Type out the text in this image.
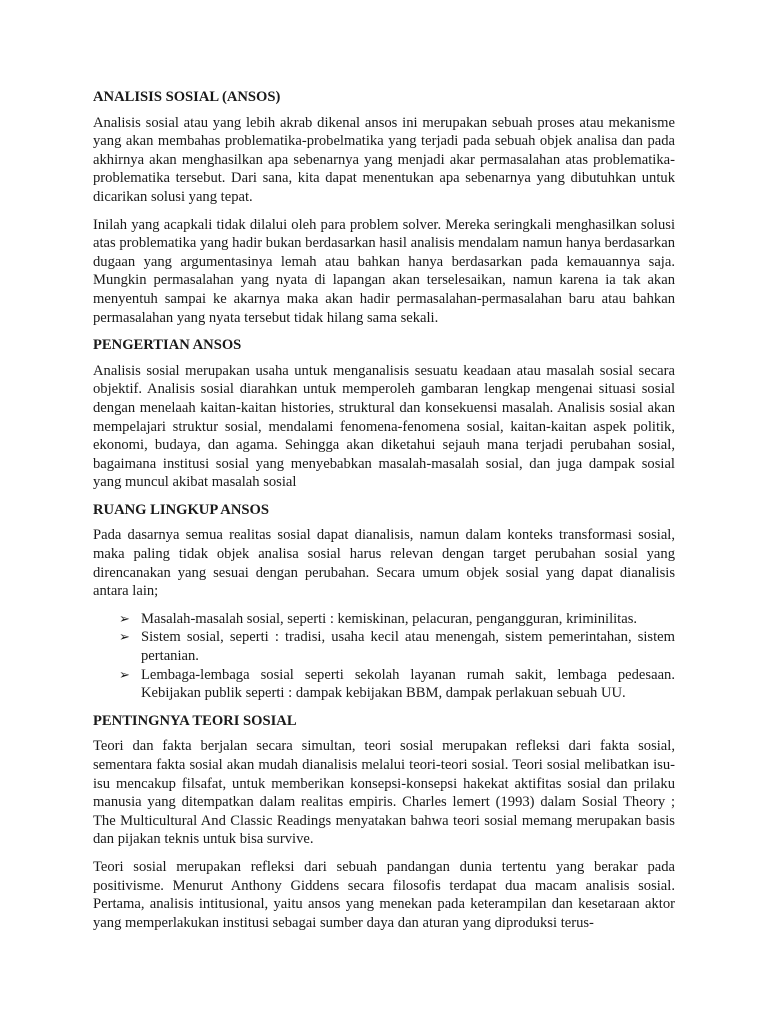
ANALISIS SOSIAL (ANSOS)

Analisis sosial atau yang lebih akrab dikenal ansos ini merupakan sebuah proses atau mekanisme yang akan membahas problematika-probelmatika yang terjadi pada sebuah objek analisa dan pada akhirnya akan menghasilkan apa sebenarnya yang menjadi akar permasalahan atas problematika-problematika tersebut. Dari sana, kita dapat menentukan apa sebenarnya yang dibutuhkan untuk dicarikan solusi yang tepat.

Inilah yang acapkali tidak dilalui oleh para problem solver. Mereka seringkali menghasilkan solusi atas problematika yang hadir bukan berdasarkan hasil analisis mendalam namun hanya berdasarkan dugaan yang argumentasinya lemah atau bahkan hanya berdasarkan pada kemauannya saja. Mungkin permasalahan yang nyata di lapangan akan terselesaikan, namun karena ia tak akan menyentuh sampai ke akarnya maka akan hadir permasalahan-permasalahan baru atau bahkan permasalahan yang nyata tersebut tidak hilang sama sekali.

PENGERTIAN ANSOS

Analisis sosial merupakan usaha untuk menganalisis sesuatu keadaan atau masalah sosial secara objektif. Analisis sosial diarahkan untuk memperoleh gambaran lengkap mengenai situasi sosial dengan menelaah kaitan-kaitan histories, struktural dan konsekuensi masalah. Analisis sosial akan mempelajari struktur sosial, mendalami fenomena-fenomena sosial, kaitan-kaitan aspek politik, ekonomi, budaya, dan agama. Sehingga akan diketahui sejauh mana terjadi perubahan sosial, bagaimana institusi sosial yang menyebabkan masalah-masalah sosial, dan juga dampak sosial yang muncul akibat masalah sosial

RUANG LINGKUP ANSOS

Pada dasarnya semua realitas sosial dapat dianalisis, namun dalam konteks transformasi sosial, maka paling tidak objek analisa sosial harus relevan dengan target perubahan sosial yang direncanakan yang sesuai dengan perubahan. Secara umum objek sosial yang dapat dianalisis antara lain;

➢ Masalah-masalah sosial, seperti : kemiskinan, pelacuran, pengangguran, kriminilitas.
➢ Sistem sosial, seperti : tradisi, usaha kecil atau menengah, sistem pemerintahan, sistem pertanian.
➢ Lembaga-lembaga sosial seperti sekolah layanan rumah sakit, lembaga pedesaan. Kebijakan publik seperti : dampak kebijakan BBM, dampak perlakuan sebuah UU.
PENTINGNYA TEORI SOSIAL

Teori dan fakta berjalan secara simultan, teori sosial merupakan refleksi dari fakta sosial, sementara fakta sosial akan mudah dianalisis melalui teori-teori sosial. Teori sosial melibatkan isu-isu mencakup filsafat, untuk memberikan konsepsi-konsepsi hakekat aktifitas sosial dan prilaku manusia yang ditempatkan dalam realitas empiris. Charles lemert (1993) dalam Sosial Theory ; The Multicultural And Classic Readings menyatakan bahwa teori sosial memang merupakan basis dan pijakan teknis untuk bisa survive.

Teori sosial merupakan refleksi dari sebuah pandangan dunia tertentu yang berakar pada positivisme. Menurut Anthony Giddens secara filosofis terdapat dua macam analisis sosial. Pertama, analisis intitusional, yaitu ansos yang menekan pada keterampilan dan kesetaraan aktor yang memperlakukan institusi sebagai sumber daya dan aturan yang diproduksi terus-
